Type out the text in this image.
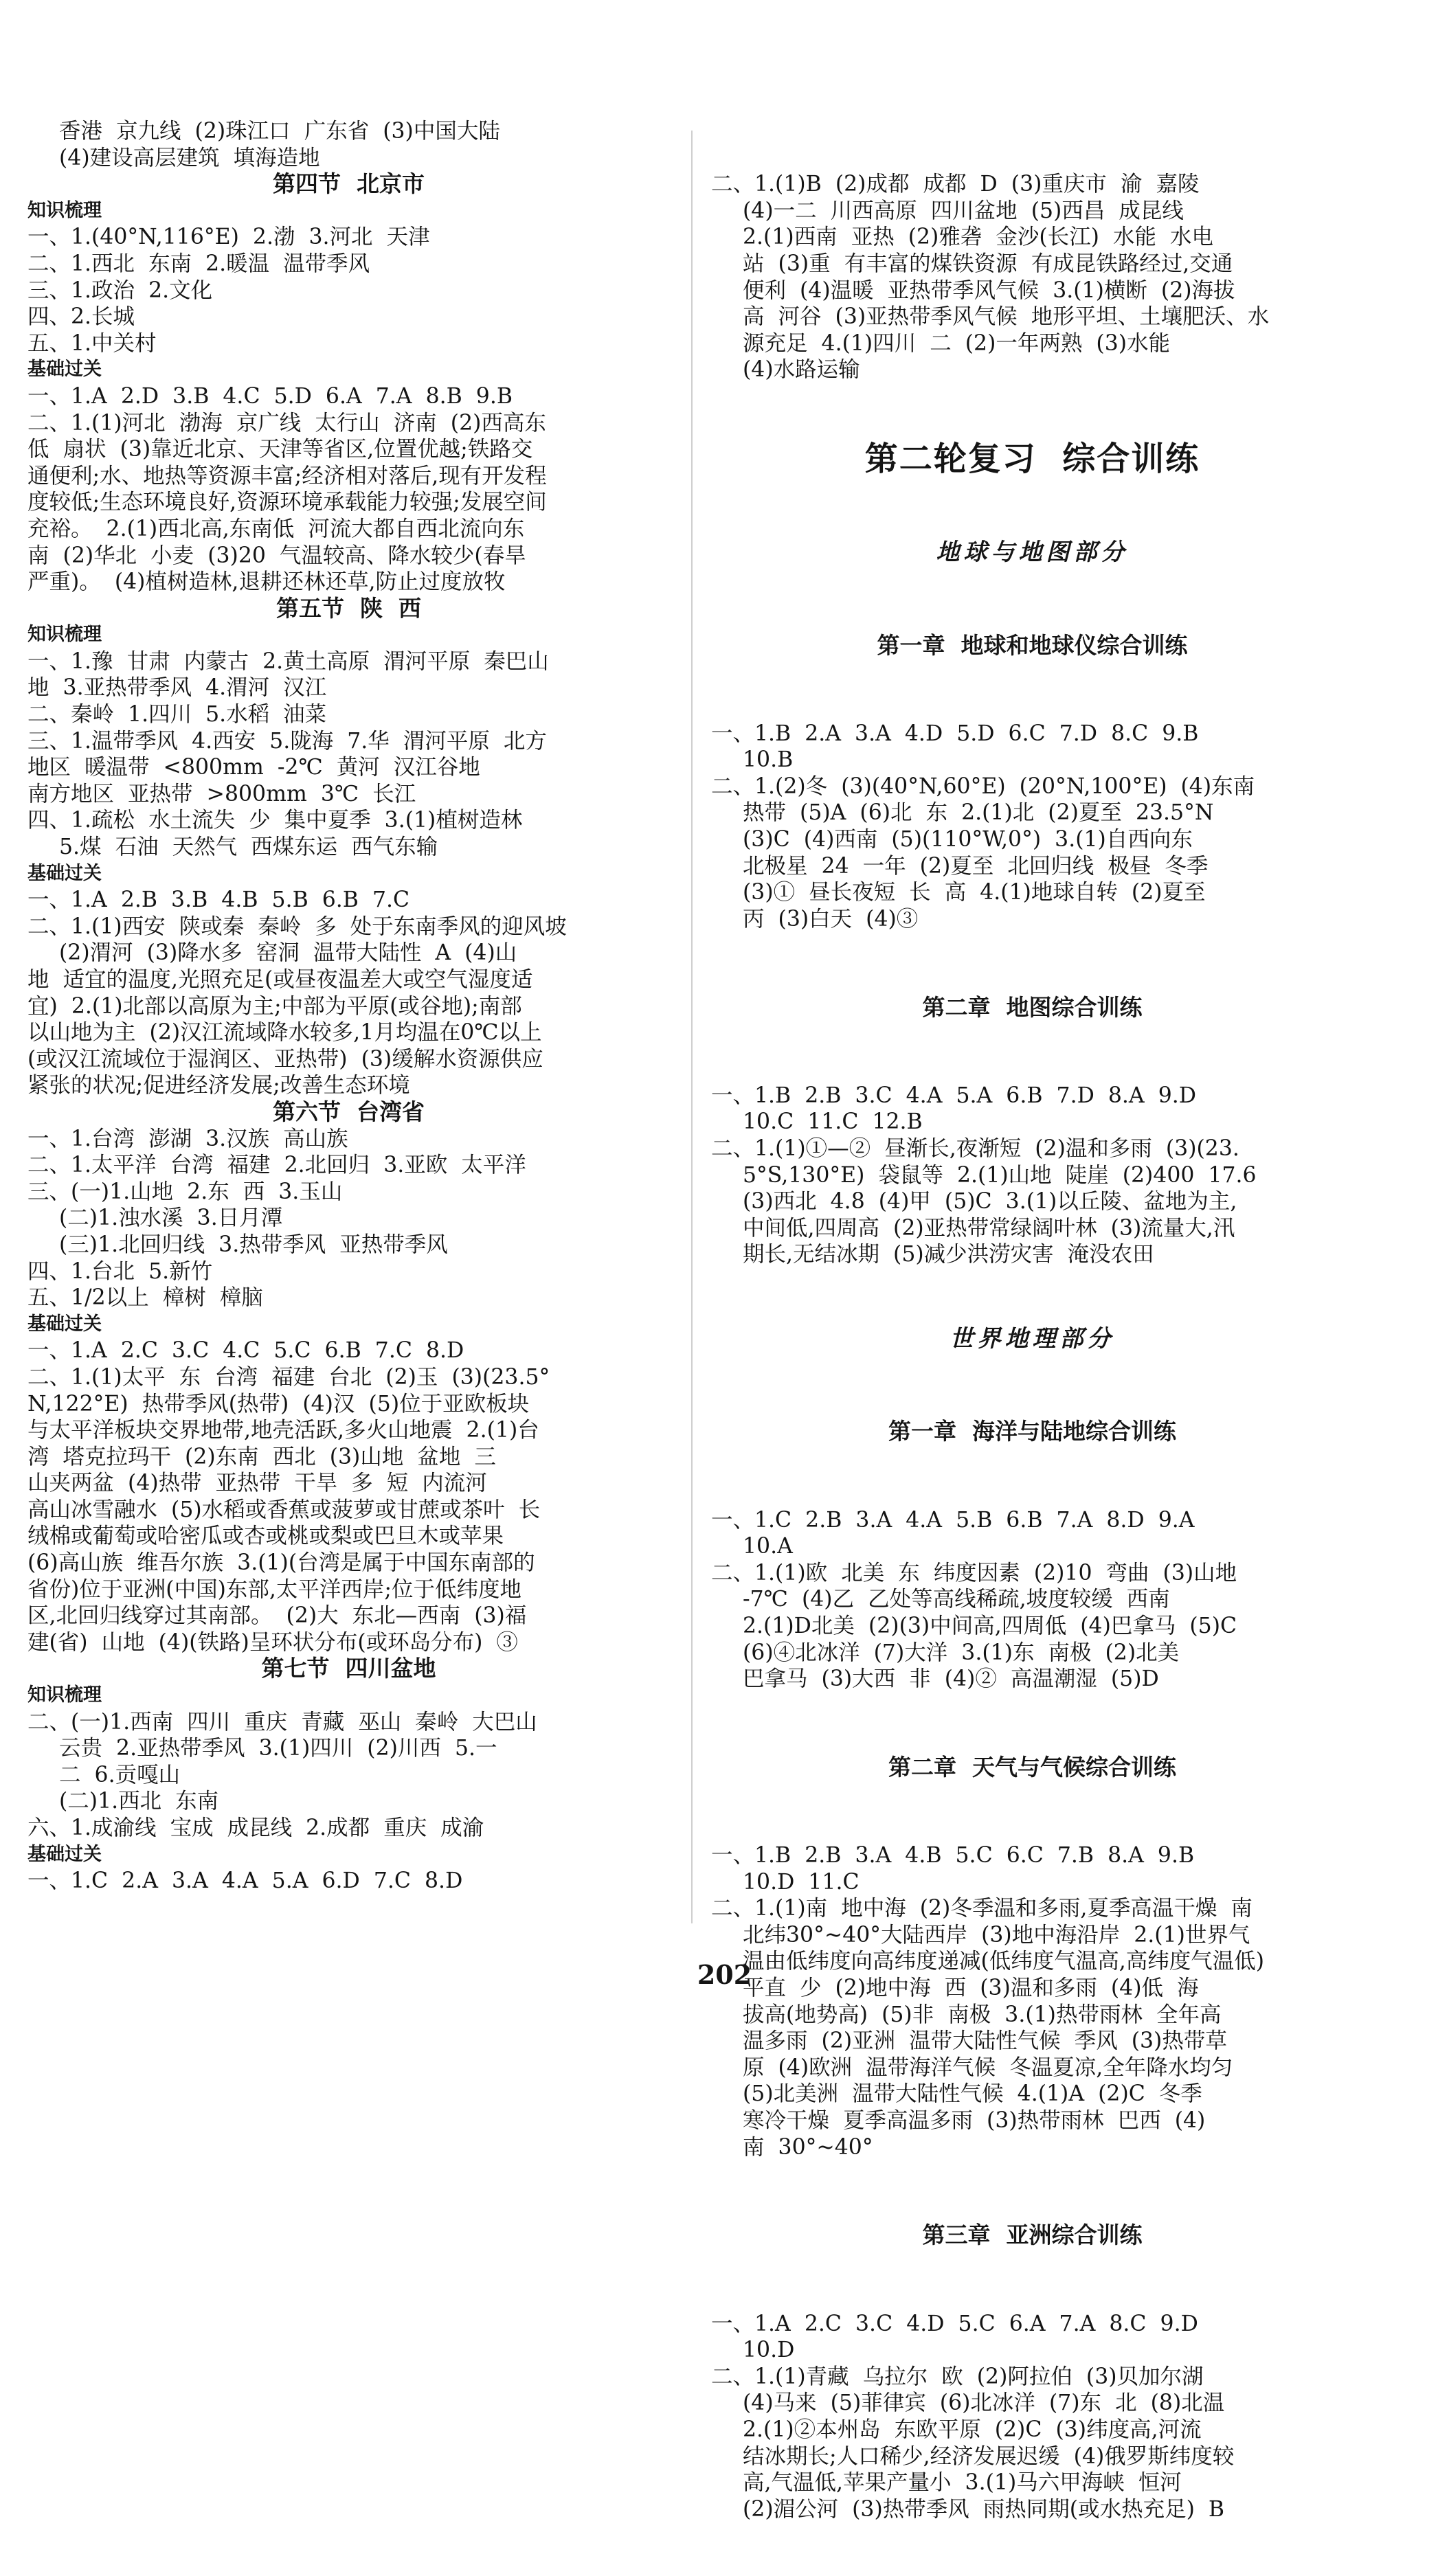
香港  京九线  (2)珠江口  广东省  (3)中国大陆
(4)建设高层建筑  填海造地
第四节  北京市
知识梳理
一、1.(40°N,116°E)  2.渤  3.河北  天津
二、1.西北  东南  2.暖温  温带季风
三、1.政治  2.文化
四、2.长城
五、1.中关村
基础过关
一、1.A  2.D  3.B  4.C  5.D  6.A  7.A  8.B  9.B
二、1.(1)河北  渤海  京广线  太行山  济南  (2)西高东
低  扇状  (3)靠近北京、天津等省区,位置优越;铁路交
通便利;水、地热等资源丰富;经济相对落后,现有开发程
度较低;生态环境良好,资源环境承载能力较强;发展空间
充裕。  2.(1)西北高,东南低  河流大都自西北流向东
南  (2)华北  小麦  (3)20  气温较高、降水较少(春旱
严重)。  (4)植树造林,退耕还林还草,防止过度放牧
第五节  陕  西
知识梳理
一、1.豫  甘肃  内蒙古  2.黄土高原  渭河平原  秦巴山
地  3.亚热带季风  4.渭河  汉江
二、秦岭  1.四川  5.水稻  油菜
三、1.温带季风  4.西安  5.陇海  7.华  渭河平原  北方
地区  暖温带  <800mm  -2℃  黄河  汉江谷地
南方地区  亚热带  >800mm  3℃  长江
四、1.疏松  水土流失  少  集中夏季  3.(1)植树造林
5.煤  石油  天然气  西煤东运  西气东输
基础过关
一、1.A  2.B  3.B  4.B  5.B  6.B  7.C
二、1.(1)西安  陕或秦  秦岭  多  处于东南季风的迎风坡
(2)渭河  (3)降水多  窑洞  温带大陆性  A  (4)山
地  适宜的温度,光照充足(或昼夜温差大或空气湿度适
宜)  2.(1)北部以高原为主;中部为平原(或谷地);南部
以山地为主  (2)汉江流域降水较多,1月均温在0℃以上
(或汉江流域位于湿润区、亚热带)  (3)缓解水资源供应
紧张的状况;促进经济发展;改善生态环境
第六节  台湾省
一、1.台湾  澎湖  3.汉族  高山族
二、1.太平洋  台湾  福建  2.北回归  3.亚欧  太平洋
三、(一)1.山地  2.东  西  3.玉山
(二)1.浊水溪  3.日月潭
(三)1.北回归线  3.热带季风  亚热带季风
四、1.台北  5.新竹
五、1/2以上  樟树  樟脑
基础过关
一、1.A  2.C  3.C  4.C  5.C  6.B  7.C  8.D
二、1.(1)太平  东  台湾  福建  台北  (2)玉  (3)(23.5°
N,122°E)  热带季风(热带)  (4)汉  (5)位于亚欧板块
与太平洋板块交界地带,地壳活跃,多火山地震  2.(1)台
湾  塔克拉玛干  (2)东南  西北  (3)山地  盆地  三
山夹两盆  (4)热带  亚热带  干旱  多  短  内流河
高山冰雪融水  (5)水稻或香蕉或菠萝或甘蔗或茶叶  长
绒棉或葡萄或哈密瓜或杏或桃或梨或巴旦木或苹果
(6)高山族  维吾尔族  3.(1)(台湾是属于中国东南部的
省份)位于亚洲(中国)东部,太平洋西岸;位于低纬度地
区,北回归线穿过其南部。  (2)大  东北—西南  (3)福
建(省)  山地  (4)(铁路)呈环状分布(或环岛分布)  ③
第七节  四川盆地
知识梳理
二、(一)1.西南  四川  重庆  青藏  巫山  秦岭  大巴山
云贵  2.亚热带季风  3.(1)四川  (2)川西  5.一
二  6.贡嘎山
(二)1.西北  东南
六、1.成渝线  宝成  成昆线  2.成都  重庆  成渝
基础过关
一、1.C  2.A  3.A  4.A  5.A  6.D  7.C  8.D

二、1.(1)B  (2)成都  成都  D  (3)重庆市  渝  嘉陵
(4)一二  川西高原  四川盆地  (5)西昌  成昆线
2.(1)西南  亚热  (2)雅砻  金沙(长江)  水能  水电
站  (3)重  有丰富的煤铁资源  有成昆铁路经过,交通
便利  (4)温暖  亚热带季风气候  3.(1)横断  (2)海拔
高  河谷  (3)亚热带季风气候  地形平坦、土壤肥沃、水
源充足  4.(1)四川  二  (2)一年两熟  (3)水能
(4)水路运输

第二轮复习  综合训练

地球与地图部分

第一章  地球和地球仪综合训练

一、1.B  2.A  3.A  4.D  5.D  6.C  7.D  8.C  9.B
10.B
二、1.(2)冬  (3)(40°N,60°E)  (20°N,100°E)  (4)东南
热带  (5)A  (6)北  东  2.(1)北  (2)夏至  23.5°N
(3)C  (4)西南  (5)(110°W,0°)  3.(1)自西向东
北极星  24  一年  (2)夏至  北回归线  极昼  冬季
(3)①  昼长夜短  长  高  4.(1)地球自转  (2)夏至
丙  (3)白天  (4)③

第二章  地图综合训练

一、1.B  2.B  3.C  4.A  5.A  6.B  7.D  8.A  9.D
10.C  11.C  12.B
二、1.(1)①—②  昼渐长,夜渐短  (2)温和多雨  (3)(23.
5°S,130°E)  袋鼠等  2.(1)山地  陡崖  (2)400  17.6
(3)西北  4.8  (4)甲  (5)C  3.(1)以丘陵、盆地为主,
中间低,四周高  (2)亚热带常绿阔叶林  (3)流量大,汛
期长,无结冰期  (5)减少洪涝灾害  淹没农田

世界地理部分

第一章  海洋与陆地综合训练

一、1.C  2.B  3.A  4.A  5.B  6.B  7.A  8.D  9.A
10.A
二、1.(1)欧  北美  东  纬度因素  (2)10  弯曲  (3)山地
-7℃  (4)乙  乙处等高线稀疏,坡度较缓  西南
2.(1)D北美  (2)(3)中间高,四周低  (4)巴拿马  (5)C
(6)④北冰洋  (7)大洋  3.(1)东  南极  (2)北美
巴拿马  (3)大西  非  (4)②  高温潮湿  (5)D

第二章  天气与气候综合训练

一、1.B  2.B  3.A  4.B  5.C  6.C  7.B  8.A  9.B
10.D  11.C
二、1.(1)南  地中海  (2)冬季温和多雨,夏季高温干燥  南
北纬30°~40°大陆西岸  (3)地中海沿岸  2.(1)世界气
温由低纬度向高纬度递减(低纬度气温高,高纬度气温低)
平直  少  (2)地中海  西  (3)温和多雨  (4)低  海
拔高(地势高)  (5)非  南极  3.(1)热带雨林  全年高
温多雨  (2)亚洲  温带大陆性气候  季风  (3)热带草
原  (4)欧洲  温带海洋气候  冬温夏凉,全年降水均匀
(5)北美洲  温带大陆性气候  4.(1)A  (2)C  冬季
寒冷干燥  夏季高温多雨  (3)热带雨林  巴西  (4)
南  30°~40°

第三章  亚洲综合训练

一、1.A  2.C  3.C  4.D  5.C  6.A  7.A  8.C  9.D
10.D
二、1.(1)青藏  乌拉尔  欧  (2)阿拉伯  (3)贝加尔湖
(4)马来  (5)菲律宾  (6)北冰洋  (7)东  北  (8)北温
2.(1)②本州岛  东欧平原  (2)C  (3)纬度高,河流
结冰期长;人口稀少,经济发展迟缓  (4)俄罗斯纬度较
高,气温低,苹果产量小  3.(1)马六甲海峡  恒河
(2)湄公河  (3)热带季风  雨热同期(或水热充足)  B

202
